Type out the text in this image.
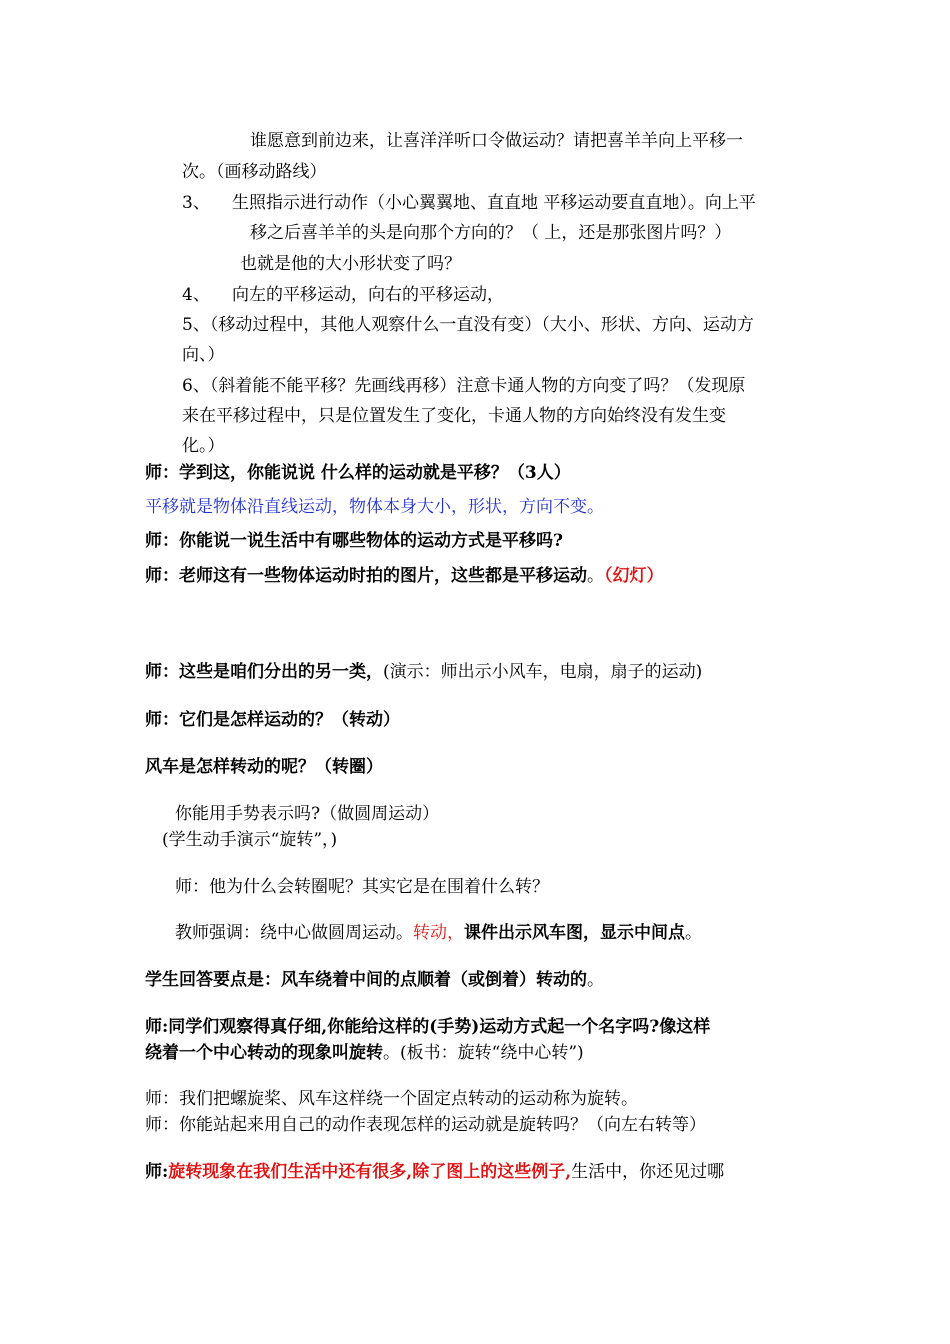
谁愿意到前边来，让喜洋洋听口令做运动？请把喜羊羊向上平移一
次。（画移动路线）
3、 生照指示进行动作（小心翼翼地、直直地 平移运动要直直地）。向上平
移之后喜羊羊的头是向那个方向的？（ 上，还是那张图片吗？）
也就是他的大小形状变了吗？
4、 向左的平移运动，向右的平移运动，
5、（移动过程中，其他人观察什么一直没有变）（大小、形状、方向、运动方
向、）
6、（斜着能不能平移？先画线再移）注意卡通人物的方向变了吗？（发现原
来在平移过程中，只是位置发生了变化，卡通人物的方向始终没有发生变
化。）
师：学到这，你能说说 什么样的运动就是平移？（3人）
平移就是物体沿直线运动，物体本身大小，形状，方向不变。
师：你能说一说生活中有哪些物体的运动方式是平移吗?
师：老师这有一些物体运动时拍的图片，这些都是平移运动。（幻灯）
师：这些是咱们分出的另一类，(演示：师出示小风车，电扇，扇子的运动)
师：它们是怎样运动的？（转动）
风车是怎样转动的呢？（转圈）
你能用手势表示吗?（做圆周运动）
(学生动手演示“旋转”，)
师：他为什么会转圈呢？其实它是在围着什么转？
教师强调：绕中心做圆周运动。转动，课件出示风车图，显示中间点。
学生回答要点是：风车绕着中间的点顺着（或倒着）转动的。
师:同学们观察得真仔细,你能给这样的(手势)运动方式起一个名字吗?像这样
绕着一个中心转动的现象叫旋转。(板书：旋转“绕中心转”)
师：我们把螺旋桨、风车这样绕一个固定点转动的运动称为旋转。
师：你能站起来用自己的动作表现怎样的运动就是旋转吗？（向左右转等）
师:旋转现象在我们生活中还有很多,除了图上的这些例子,生活中，你还见过哪
